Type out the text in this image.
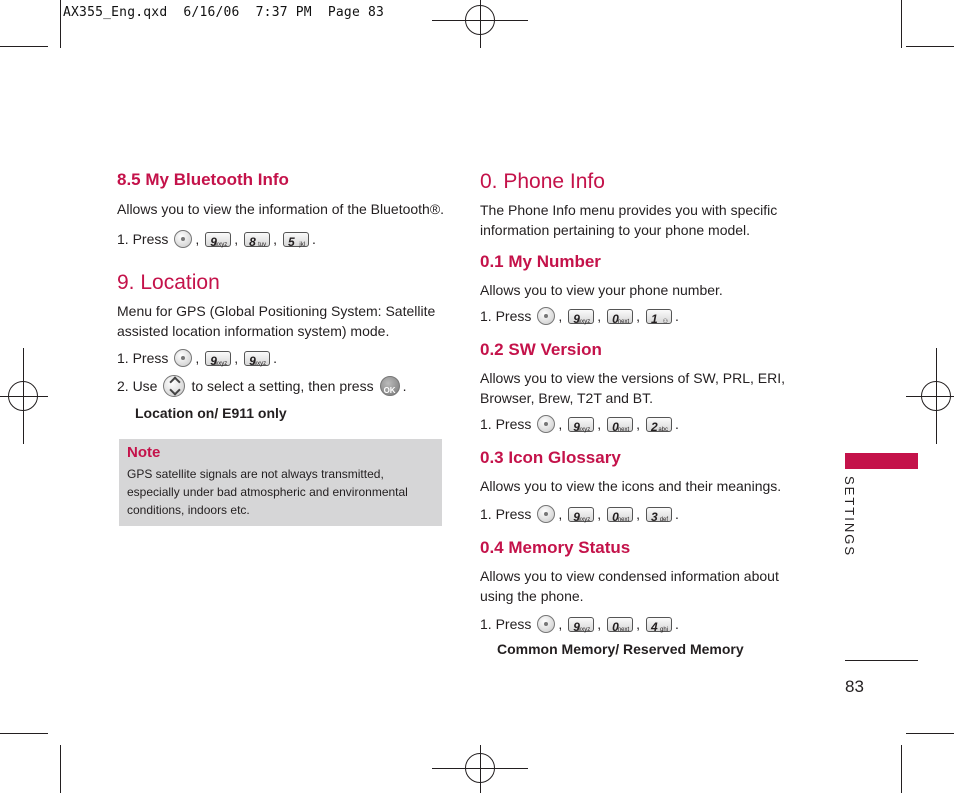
AX355_Eng.qxd  6/16/06  7:37 PM  Page 83
8.5 My Bluetooth Info

Allows you to view the information of the Bluetooth®.

1. Press , 9
wxyz , 8 tuv , 5 jkl .
9. Location

Menu for GPS (Global Positioning System: Satellite assisted location information system) mode.

1. Press , 9
wxyz , 9
wxyz .
2. Use to select a setting, then press OK .
Location on/ E911 only
Note
GPS satellite signals are not always transmitted, especially under bad atmospheric and environmental conditions, indoors etc.
0. Phone Info

The Phone Info menu provides you with specific information pertaining to your phone model.

0.1 My Number

Allows you to view your phone number.

1. Press , 9
wxyz , 0
next , 1 ⚇ .
0.2 SW Version

Allows you to view the versions of SW, PRL, ERI, Browser, Brew, T2T and BT.

1. Press , 9
wxyz , 0
next , 2 abc .
0.3 Icon Glossary

Allows you to view the icons and their meanings.

1. Press , 9
wxyz , 0
next , 3 def .
0.4 Memory Status

Allows you to view condensed information about using the phone.

1. Press , 9
wxyz , 0
next , 4 ghi .
Common Memory/ Reserved Memory
SETTINGS
83
